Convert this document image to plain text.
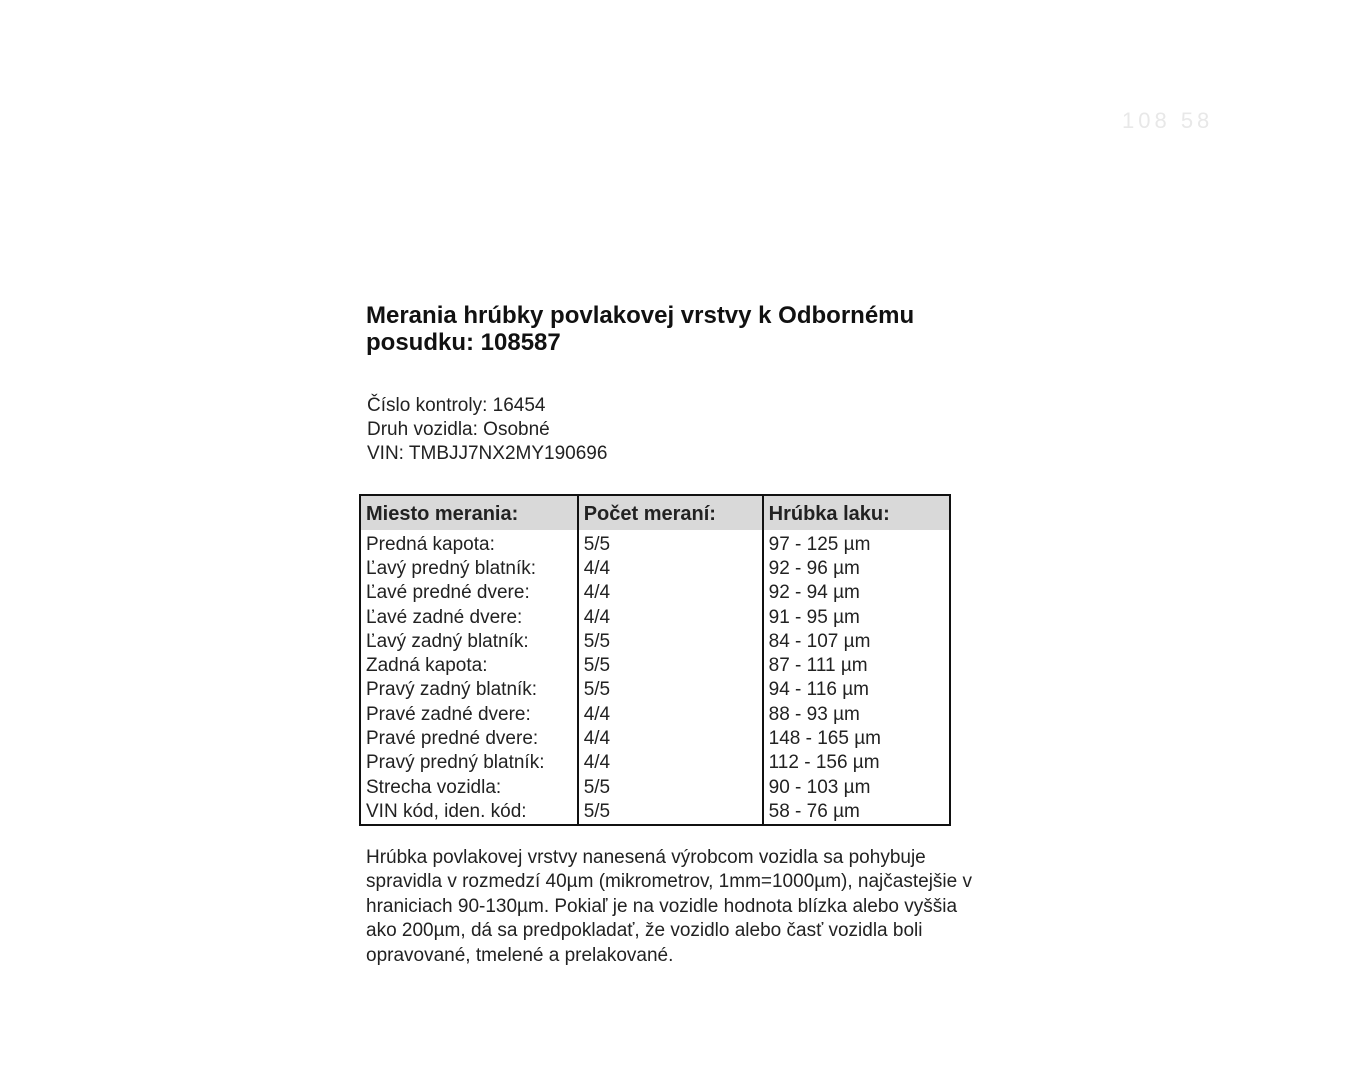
108 58
Merania hrúbky povlakovej vrstvy k Odbornému posudku: 108587
Číslo kontroly: 16454
Druh vozidla: Osobné
VIN: TMBJJ7NX2MY190696
Miesto merania:	Počet meraní:	Hrúbka laku:
Predná kapota:	5/5	97 - 125 µm
Ľavý predný blatník:	4/4	92 - 96 µm
Ľavé predné dvere:	4/4	92 - 94 µm
Ľavé zadné dvere:	4/4	91 - 95 µm
Ľavý zadný blatník:	5/5	84 - 107 µm
Zadná kapota:	5/5	87 - 111 µm
Pravý zadný blatník:	5/5	94 - 116 µm
Pravé zadné dvere:	4/4	88 - 93 µm
Pravé predné dvere:	4/4	148 - 165 µm
Pravý predný blatník:	4/4	112 - 156 µm
Strecha vozidla:	5/5	90 - 103 µm
VIN kód, iden. kód:	5/5	58 - 76 µm

Hrúbka povlakovej vrstvy nanesená výrobcom vozidla sa pohybuje spravidla v rozmedzí 40µm (mikrometrov, 1mm=1000µm), najčastejšie v hraniciach 90-130µm. Pokiaľ je na vozidle hodnota blízka alebo vyššia ako 200µm, dá sa predpokladať, že vozidlo alebo časť vozidla boli opravované, tmelené a prelakované.
